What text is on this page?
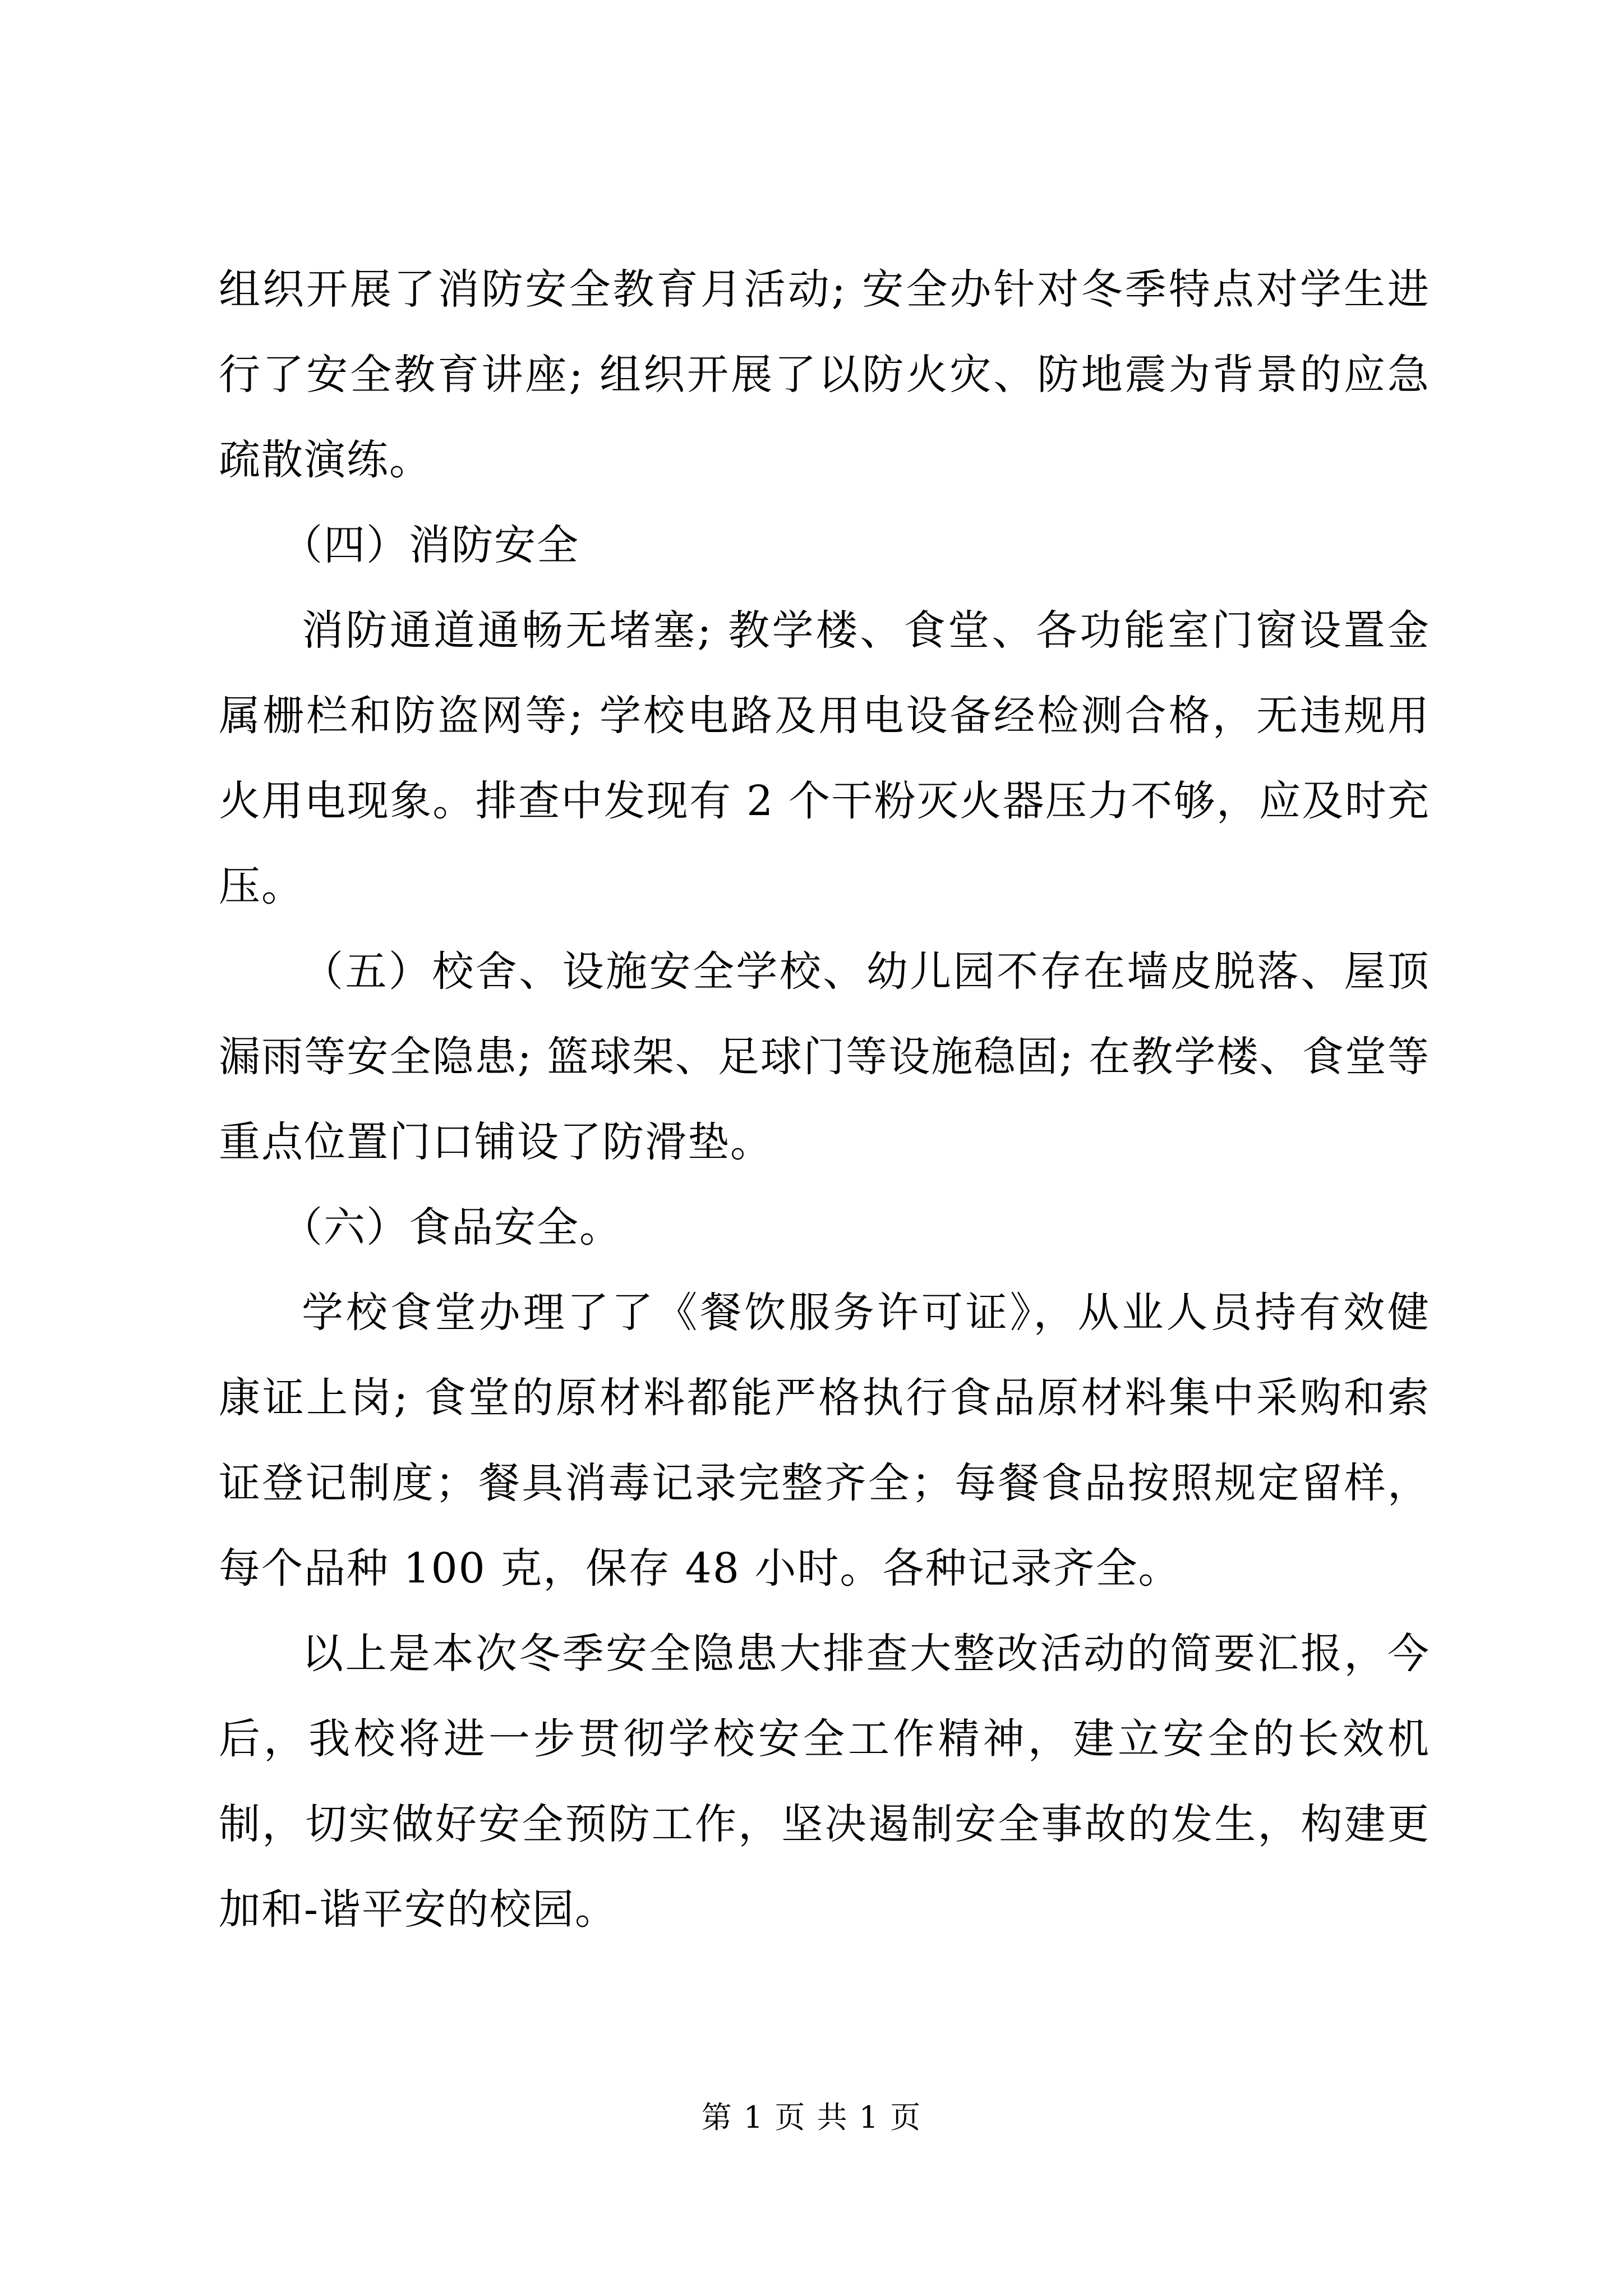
组织开展了消防安全教育月活动; 安全办针对冬季特点对学生进行了安全教育讲座; 组织开展了以防火灾、防地震为背景的应急疏散演练。

（四）消防安全

消防通道通畅无堵塞; 教学楼、食堂、各功能室门窗设置金属栅栏和防盗网等; 学校电路及用电设备经检测合格，无违规用火用电现象。排查中发现有 2 个干粉灭火器压力不够，应及时充压。

（五）校舍、设施安全学校、幼儿园不存在墙皮脱落、屋顶漏雨等安全隐患; 篮球架、足球门等设施稳固; 在教学楼、食堂等重点位置门口铺设了防滑垫。

（六）食品安全。

学校食堂办理了了《餐饮服务许可证》，从业人员持有效健康证上岗; 食堂的原材料都能严格执行食品原材料集中采购和索证登记制度；餐具消毒记录完整齐全；每餐食品按照规定留样，每个品种 100 克，保存 48 小时。各种记录齐全。

以上是本次冬季安全隐患大排查大整改活动的简要汇报，今后，我校将进一步贯彻学校安全工作精神，建立安全的长效机制，切实做好安全预防工作，坚决遏制安全事故的发生，构建更加和-谐平安的校园。

第 1 页 共 1 页
